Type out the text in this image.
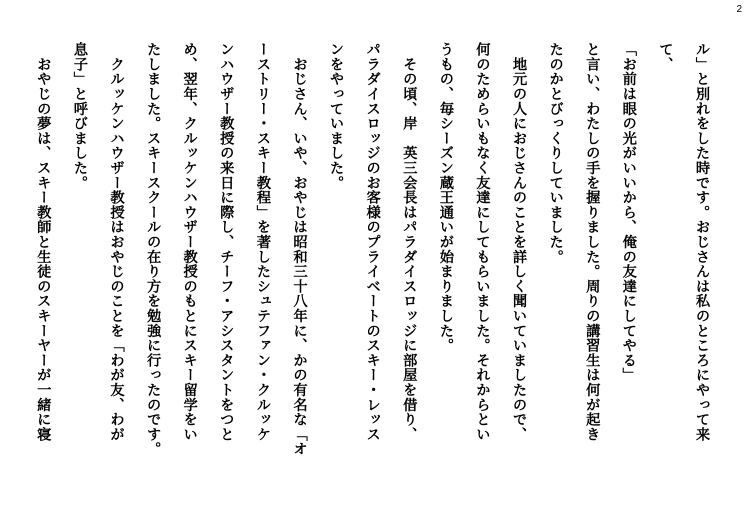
2

ル」と別れをした時です。おじさんは私のところにやって来

て、

「お前は眼の光がいいから、俺の友達にしてやる」

と言い、わたしの手を握りました。周りの講習生は何が起き

たのかとびっくりしていました。

　地元の人におじさんのことを詳しく聞いていましたので、

何のためらいもなく友達にしてもらいました。それからとい

うもの、毎シーズン蔵王通いが始まりました。

　その頃、岸　英三会長はパラダイスロッジに部屋を借り、

パラダイスロッジのお客様のプライベートのスキー・レッス

ンをやっていました。

　おじさん、いや、おやじは昭和三十八年に、かの有名な「オ

ーストリー・スキー教程」を著したシュテファン・クルッケ

ンハウザー教授の来日に際し、チーフ・アシスタントをつと

め、翌年、クルッケンハウザー教授のもとにスキー留学をい

たしました。スキースクールの在り方を勉強に行ったのです。

　クルッケンハウザー教授はおやじのことを「わが友、わが

息子」と呼びました。

　おやじの夢は、スキー教師と生徒のスキーヤーが一緒に寝
